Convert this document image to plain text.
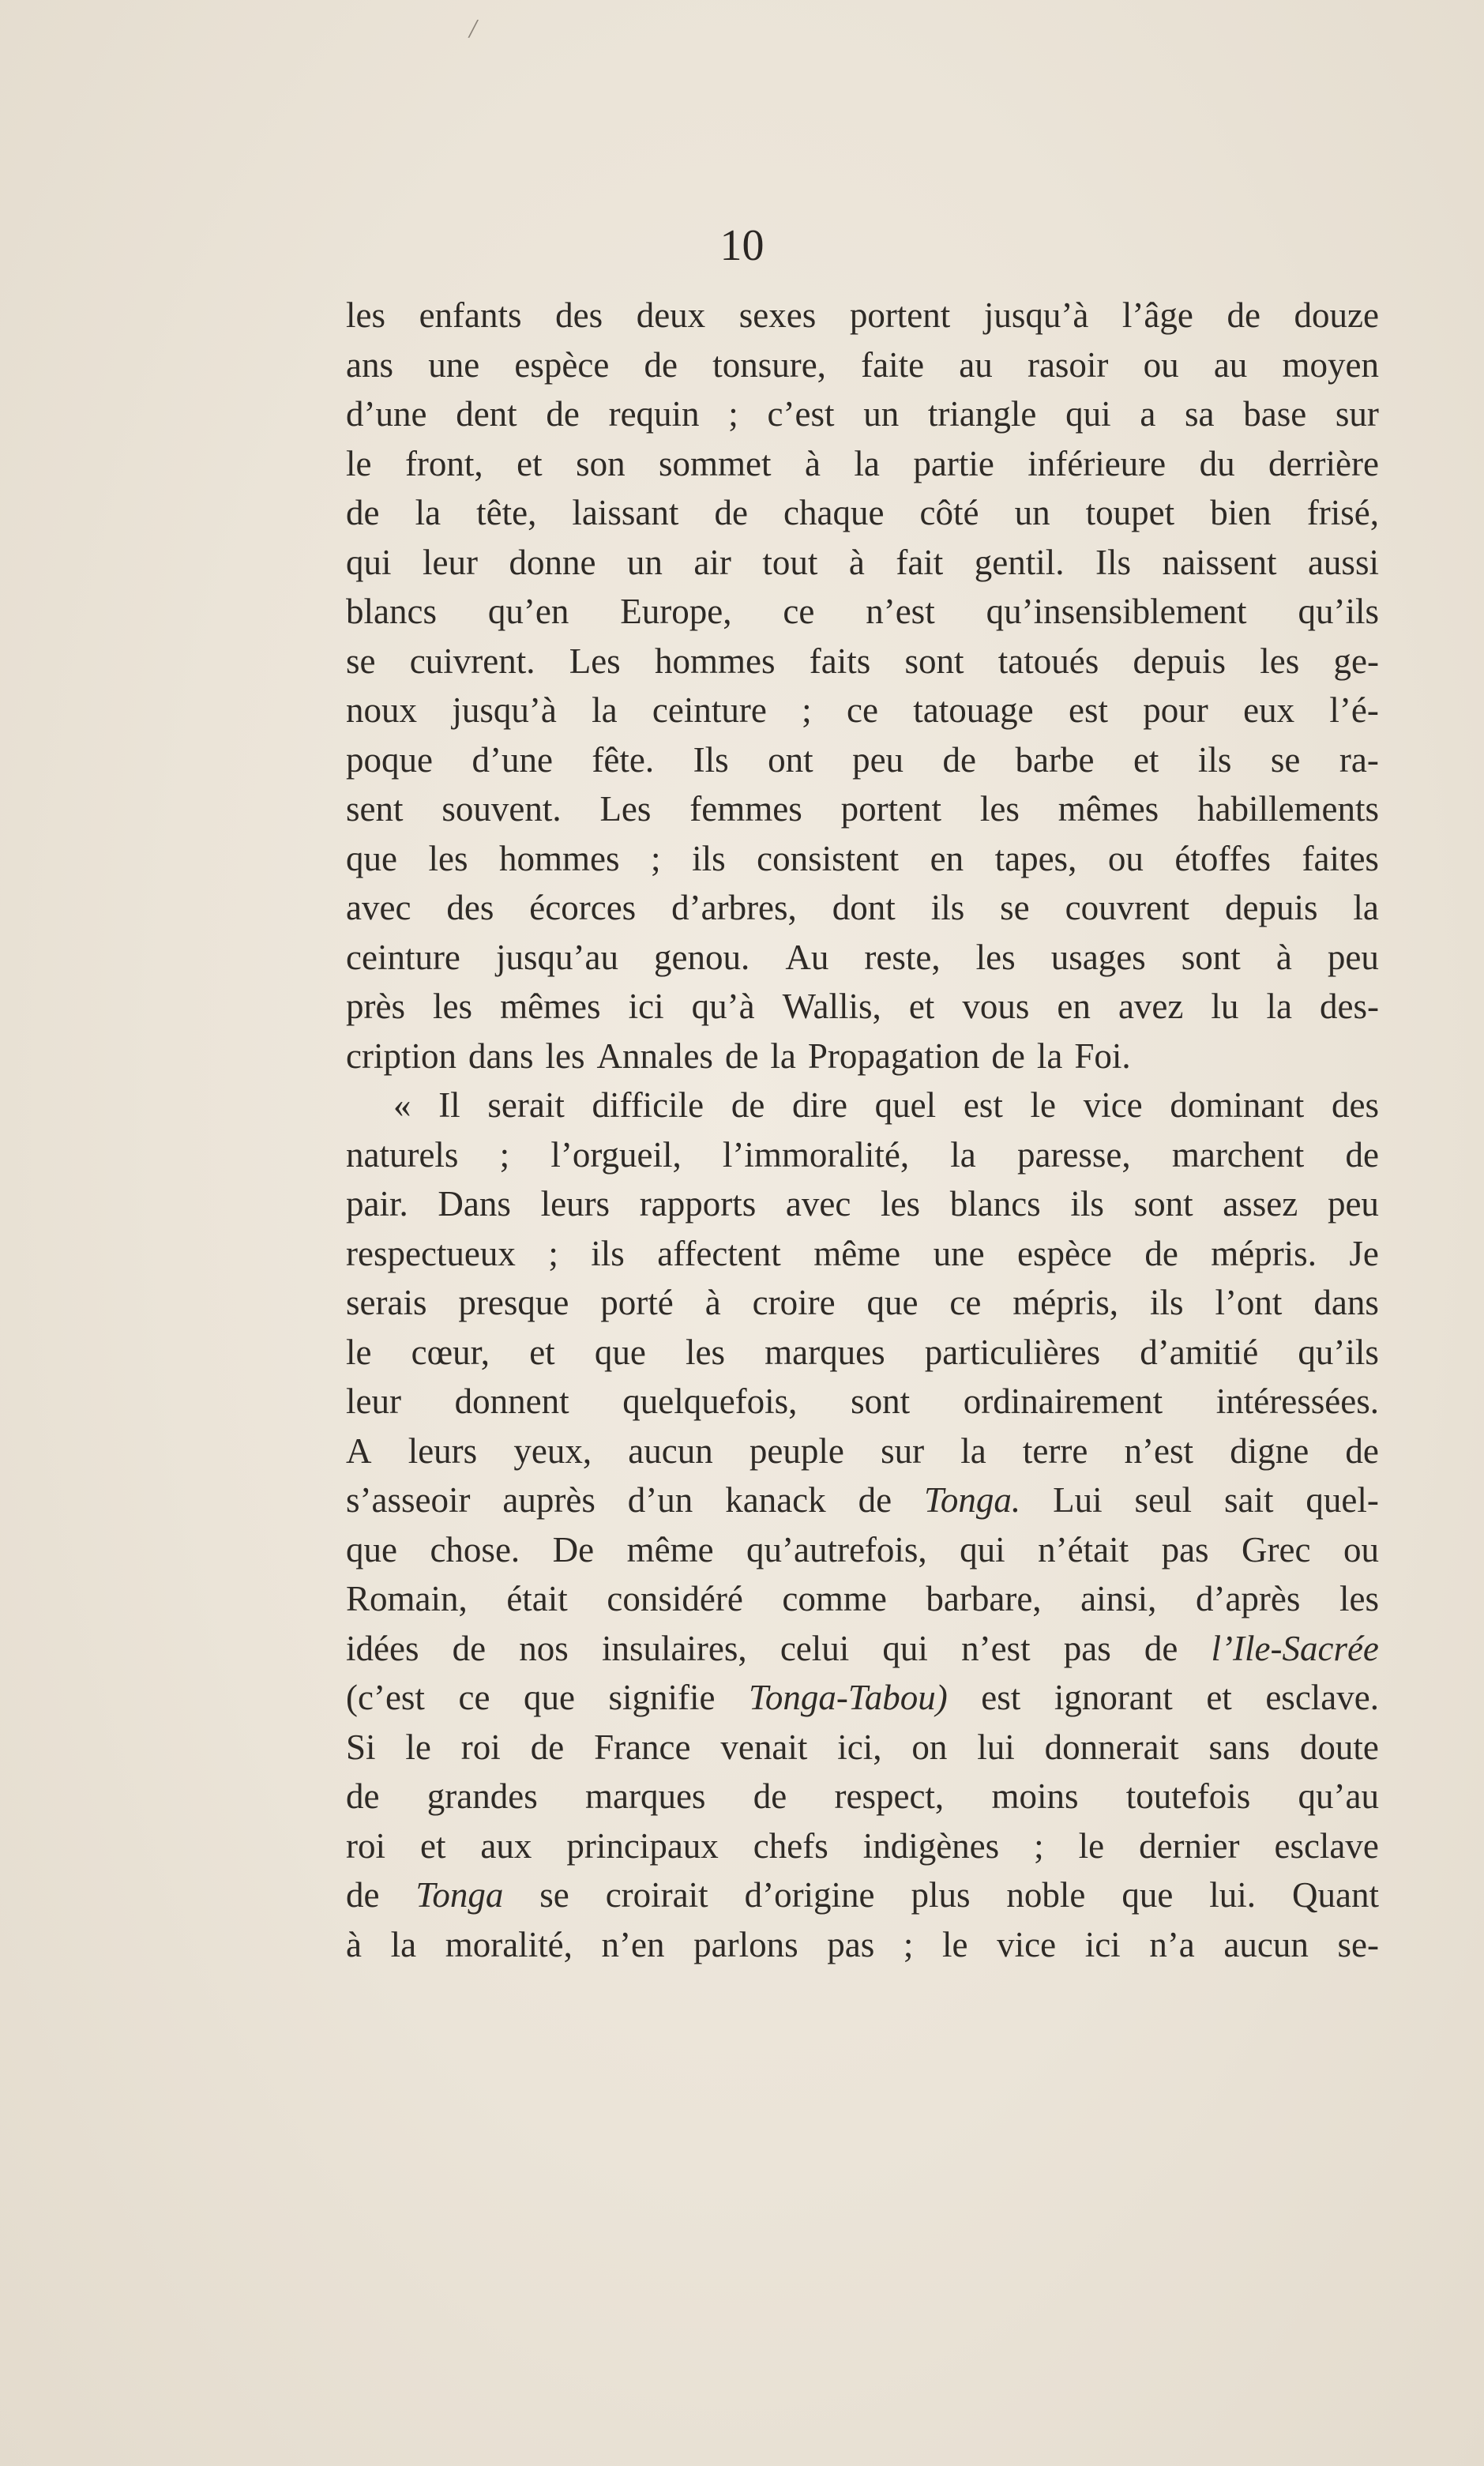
/
10
les enfants des deux sexes portent jusqu’à l’âge de douze
ans une espèce de tonsure, faite au rasoir ou au moyen
d’une dent de requin ; c’est un triangle qui a sa base sur
le front, et son sommet à la partie inférieure du derrière
de la tête, laissant de chaque côté un toupet bien frisé,
qui leur donne un air tout à fait gentil. Ils naissent aussi
blancs qu’en Europe, ce n’est qu’insensiblement qu’ils
se cuivrent. Les hommes faits sont tatoués depuis les ge-
noux jusqu’à la ceinture ; ce tatouage est pour eux l’é-
poque d’une fête. Ils ont peu de barbe et ils se ra-
sent souvent. Les femmes portent les mêmes habillements
que les hommes ; ils consistent en tapes, ou étoffes faites
avec des écorces d’arbres, dont ils se couvrent depuis la
ceinture jusqu’au genou. Au reste, les usages sont à peu
près les mêmes ici qu’à Wallis, et vous en avez lu la des-
cription dans les Annales de la Propagation de la Foi.
« Il serait difficile de dire quel est le vice dominant des
naturels ; l’orgueil, l’immoralité, la paresse, marchent de
pair. Dans leurs rapports avec les blancs ils sont assez peu
respectueux ; ils affectent même une espèce de mépris. Je
serais presque porté à croire que ce mépris, ils l’ont dans
le cœur, et que les marques particulières d’amitié qu’ils
leur donnent quelquefois, sont ordinairement intéressées.
A leurs yeux, aucun peuple sur la terre n’est digne de
s’asseoir auprès d’un kanack de Tonga. Lui seul sait quel-
que chose. De même qu’autrefois, qui n’était pas Grec ou
Romain, était considéré comme barbare, ainsi, d’après les
idées de nos insulaires, celui qui n’est pas de l’Ile-Sacrée
(c’est ce que signifie Tonga-Tabou) est ignorant et esclave.
Si le roi de France venait ici, on lui donnerait sans doute
de grandes marques de respect, moins toutefois qu’au
roi et aux principaux chefs indigènes ; le dernier esclave
de Tonga se croirait d’origine plus noble que lui. Quant
à la moralité, n’en parlons pas ; le vice ici n’a aucun se-
